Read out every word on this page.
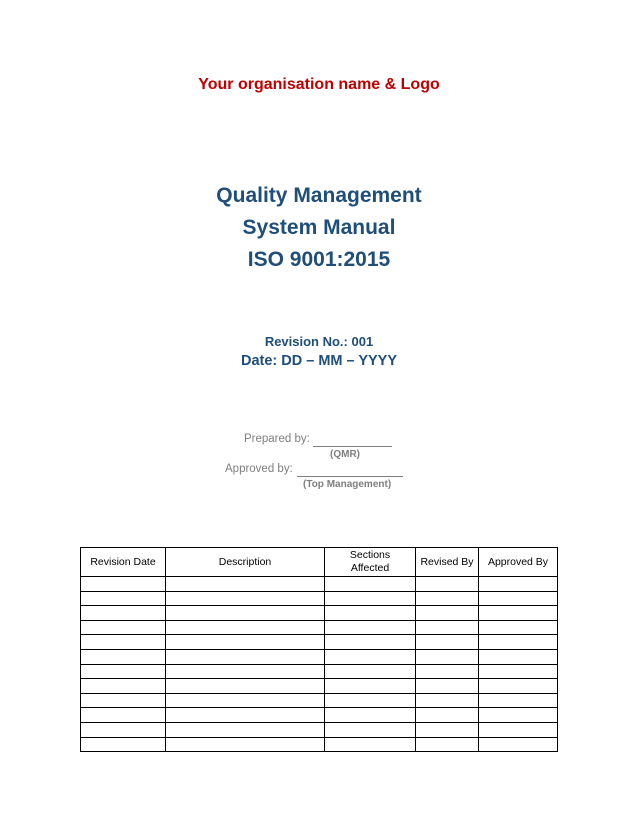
Your organisation name & Logo
Quality Management
System Manual
ISO 9001:2015
Revision No.: 001
Date: DD – MM – YYYY
Prepared by:
(QMR)
Approved by:
(Top Management)
Revision Date	Description	Sections Affected	Revised By	Approved By
